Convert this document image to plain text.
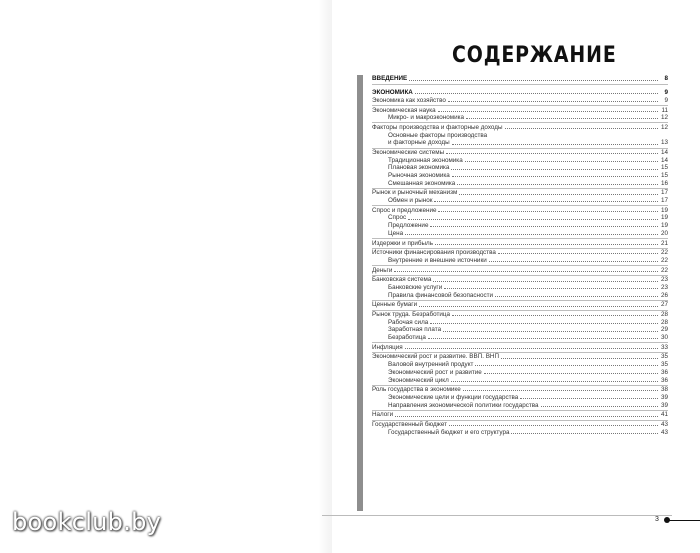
bookclub.by
СОДЕРЖАНИЕ
ВВЕДЕНИЕ	8
ЭКОНОМИКА	9
Экономика как хозяйство	9
Экономическая наука	11
Микро- и макроэкономика	12
Факторы производства и факторные доходы	12
Основные факторы производства
и факторные доходы	13
Экономические системы	14
Традиционная экономика	14
Плановая экономика	15
Рыночная экономика	15
Смешанная экономика	16
Рынок и рыночный механизм	17
Обмен и рынок	17
Спрос и предложение	19
Спрос	19
Предложение	19
Цена	20
Издержки и прибыль	21
Источники финансирования производства	22
Внутренние и внешние источники	22
Деньги	22
Банковская система	23
Банковские услуги	23
Правила финансовой безопасности	26
Ценные бумаги	27
Рынок труда. Безработица	28
Рабочая сила	28
Заработная плата	29
Безработица	30
Инфляция	33
Экономический рост и развитие. ВВП. ВНП	35
Валовой внутренний продукт	35
Экономический рост и развитие	36
Экономический цикл	36
Роль государства в экономике	38
Экономические цели и функции государства	39
Направления экономической политики государства	39
Налоги	41
Государственный бюджет	43
Государственный бюджет и его структура	43
3
